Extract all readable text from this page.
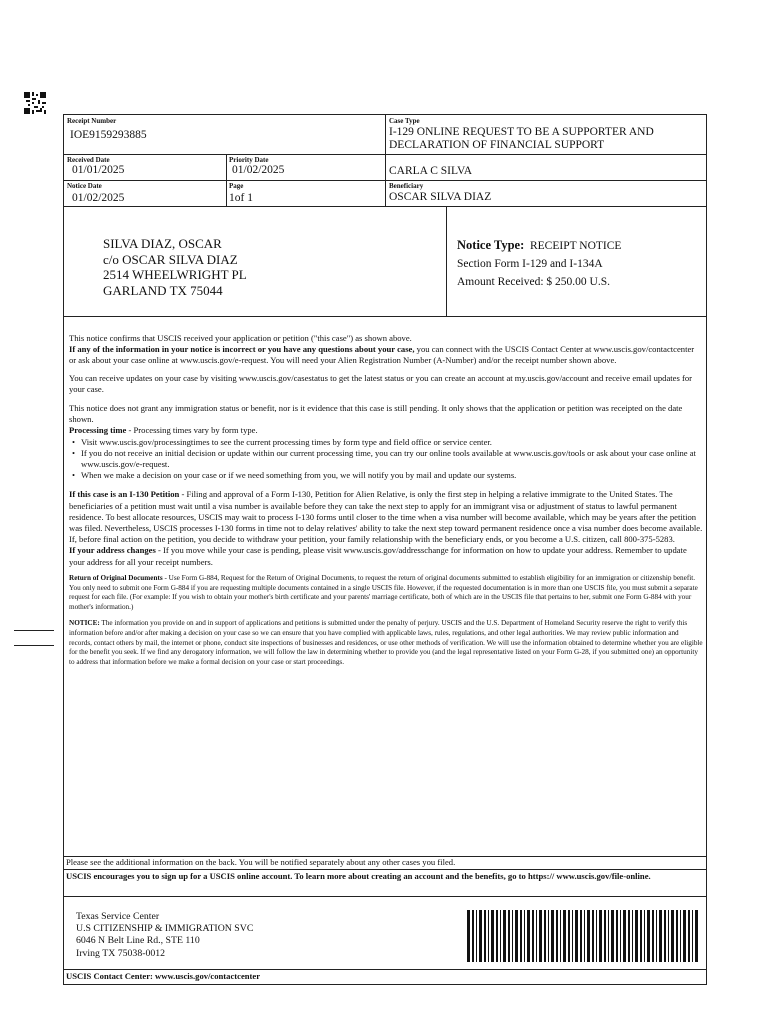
Receipt Number
IOE9159293885
Case Type
I-129 ONLINE REQUEST TO BE A SUPPORTER AND
DECLARATION OF FINANCIAL SUPPORT
Received Date
01/01/2025
Priority Date
01/02/2025	CARLA C SILVA
Notice Date
01/02/2025
Page
1of 1
Beneficiary
OSCAR SILVA DIAZ
SILVA DIAZ, OSCAR
c/o OSCAR SILVA DIAZ
2514 WHEELWRIGHT PL
GARLAND TX 75044
Notice Type: RECEIPT NOTICE
Section Form I-129 and I-134A
Amount Received: $ 250.00 U.S.

This notice confirms that USCIS received your application or petition ("this case") as shown above.

If any of the information in your notice is incorrect or you have any questions about your case, you can connect with the USCIS Contact Center at www.uscis.gov/contactcenter or ask about your case online at www.uscis.gov/e-request. You will need your Alien Registration Number (A-Number) and/or the receipt number shown above.

You can receive updates on your case by visiting www.uscis.gov/casestatus to get the latest status or you can create an account at my.uscis.gov/account and receive email updates for your case.

This notice does not grant any immigration status or benefit, nor is it evidence that this case is still pending. It only shows that the application or petition was receipted on the date shown.

Processing time - Processing times vary by form type.

• Visit www.uscis.gov/processingtimes to see the current processing times by form type and field office or service center.
• If you do not receive an initial decision or update within our current processing time, you can try our online tools available at www.uscis.gov/tools or ask about your case online at www.uscis.gov/e-request.
• When we make a decision on your case or if we need something from you, we will notify you by mail and update our systems.

If this case is an I-130 Petition - Filing and approval of a Form I-130, Petition for Alien Relative, is only the first step in helping a relative immigrate to the United States. The beneficiaries of a petition must wait until a visa number is available before they can take the next step to apply for an immigrant visa or adjustment of status to lawful permanent residence. To best allocate resources, USCIS may wait to process I-130 forms until closer to the time when a visa number will become available, which may be years after the petition was filed. Nevertheless, USCIS processes I-130 forms in time not to delay relatives' ability to take the next step toward permanent residence once a visa number does become available. If, before final action on the petition, you decide to withdraw your petition, your family relationship with the beneficiary ends, or you become a U.S. citizen, call 800-375-5283.

If your address changes - If you move while your case is pending, please visit www.uscis.gov/addresschange for information on how to update your address. Remember to update your address for all your receipt numbers.

Return of Original Documents - Use Form G-884, Request for the Return of Original Documents, to request the return of original documents submitted to establish eligibility for an immigration or citizenship benefit. You only need to submit one Form G-884 if you are requesting multiple documents contained in a single USCIS file. However, if the requested documentation is in more than one USCIS file, you must submit a separate request for each file. (For example: If you wish to obtain your mother's birth certificate and your parents' marriage certificate, both of which are in the USCIS file that pertains to her, submit one Form G-884 with your mother's information.)

NOTICE: The information you provide on and in support of applications and petitions is submitted under the penalty of perjury. USCIS and the U.S. Department of Homeland Security reserve the right to verify this information before and/or after making a decision on your case so we can ensure that you have complied with applicable laws, rules, regulations, and other legal authorities. We may review public information and records, contact others by mail, the internet or phone, conduct site inspections of businesses and residences, or use other methods of verification. We will use the information obtained to determine whether you are eligible for the benefit you seek. If we find any derogatory information, we will follow the law in determining whether to provide you (and the legal representative listed on your Form G-28, if you submitted one) an opportunity to address that information before we make a formal decision on your case or start proceedings.

Please see the additional information on the back. You will be notified separately about any other cases you filed.
USCIS encourages you to sign up for a USCIS online account. To learn more about creating an account and the benefits, go to https:// www.uscis.gov/file-online.
Texas Service Center
U.S CITIZENSHIP & IMMIGRATION SVC
6046 N Belt Line Rd., STE 110
Irving TX 75038-0012
USCIS Contact Center: www.uscis.gov/contactcenter
